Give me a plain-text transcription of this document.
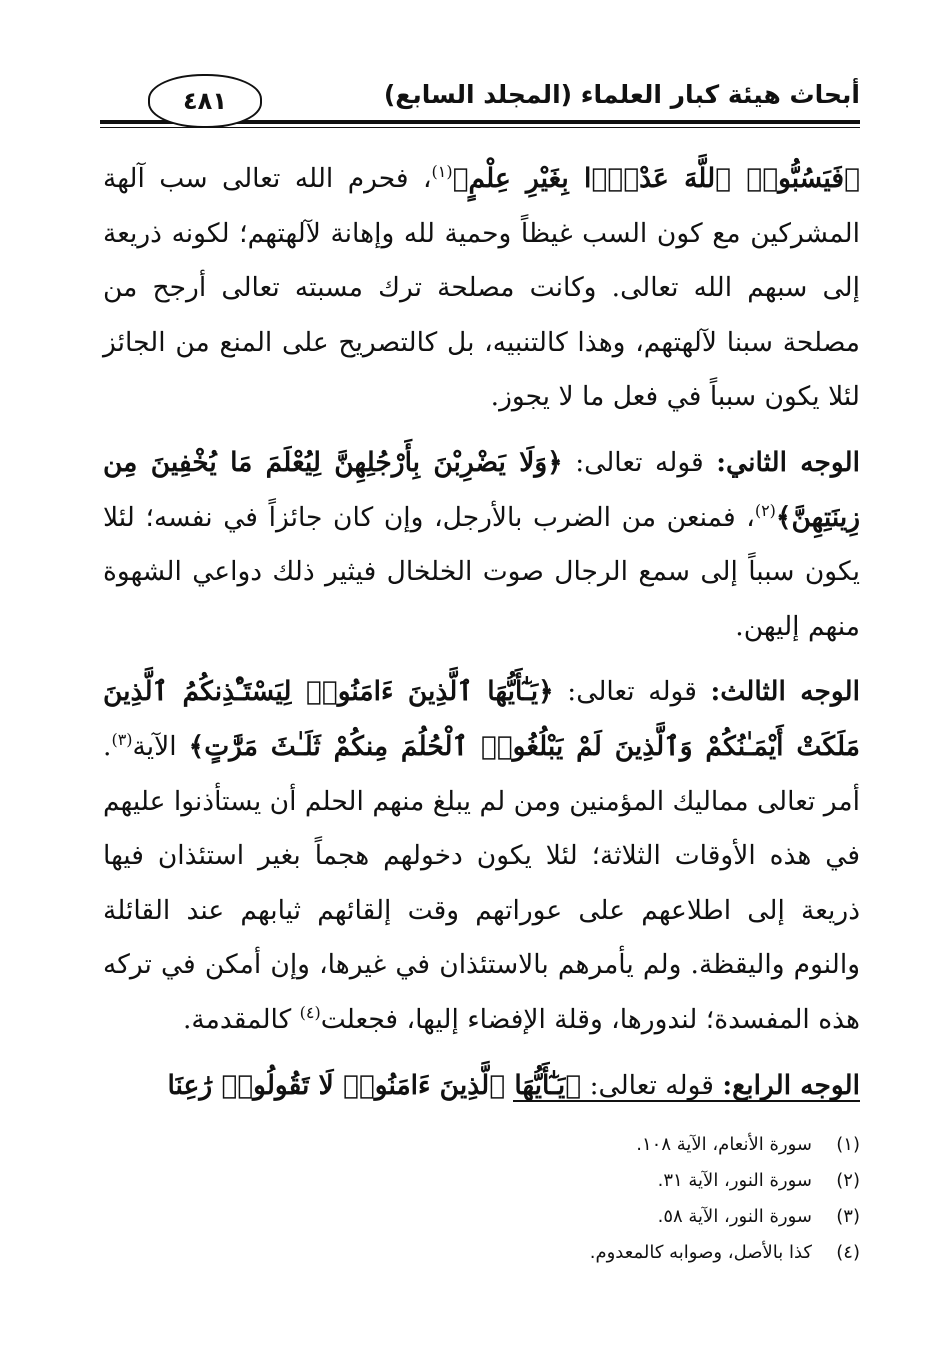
٤٨١	أبحاث هيئة كبار العلماء (المجلد السابع)

﴿فَيَسُبُّوا۟ ٱللَّهَ عَدْوًۢا بِغَيْرِ عِلْمٍ﴾$^{(١)}$، فحرم الله تعالى سب آلهة المشركين مع كون السب غيظاً وحمية لله وإهانة لآلهتهم؛ لكونه ذريعة إلى سبهم الله تعالى. وكانت مصلحة ترك مسبته تعالى أرجح من مصلحة سبنا لآلهتهم، وهذا كالتنبيه، بل كالتصريح على المنع من الجائز لئلا يكون سبباً في فعل ما لا يجوز.

الوجه الثاني: قوله تعالى: ﴿وَلَا يَضْرِبْنَ بِأَرْجُلِهِنَّ لِيُعْلَمَ مَا يُخْفِينَ مِن زِينَتِهِنَّ﴾$^{(٢)}$، فمنعن من الضرب بالأرجل، وإن كان جائزاً في نفسه؛ لئلا يكون سبباً إلى سمع الرجال صوت الخلخال فيثير ذلك دواعي الشهوة منهم إليهن.

الوجه الثالث: قوله تعالى: ﴿يَـٰٓأَيُّهَا ٱلَّذِينَ ءَامَنُوا۟ لِيَسْتَـْٔذِنكُمُ ٱلَّذِينَ مَلَكَتْ أَيْمَـٰنُكُمْ وَٱلَّذِينَ لَمْ يَبْلُغُوا۟ ٱلْحُلُمَ مِنكُمْ ثَلَـٰثَ مَرَّٰتٍ﴾ الآية$^{(٣)}$. أمر تعالى مماليك المؤمنين ومن لم يبلغ منهم الحلم أن يستأذنوا عليهم في هذه الأوقات الثلاثة؛ لئلا يكون دخولهم هجماً بغير استئذان فيها ذريعة إلى اطلاعهم على عوراتهم وقت إلقائهم ثيابهم عند القائلة والنوم واليقظة. ولم يأمرهم بالاستئذان في غيرها، وإن أمكن في تركه هذه المفسدة؛ لندورها، وقلة الإفضاء إليها، فجعلت$^{(٤)}$ كالمقدمة.

الوجه الرابع: قوله تعالى: ﴿يَـٰٓأَيُّهَا ٱلَّذِينَ ءَامَنُوا۟ لَا تَقُولُوا۟ رَٰعِنَا

(١)سورة الأنعام، الآية ١٠٨.
(٢)سورة النور، الآية ٣١.
(٣)سورة النور، الآية ٥٨.
(٤)كذا بالأصل، وصوابه كالمعدوم.
